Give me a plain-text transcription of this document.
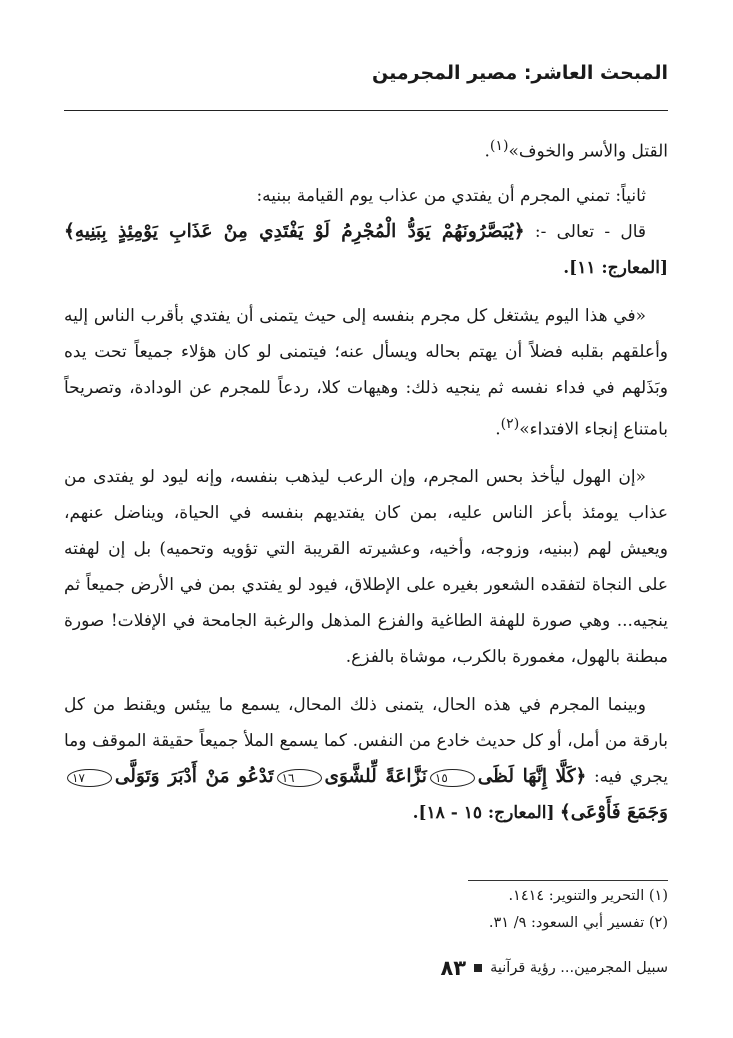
المبحث العاشر: مصير المجرمين

القتل والأسر والخوف»$^{(١)}$.

ثانياً: تمني المجرم أن يفتدي من عذاب يوم القيامة ببنيه:

قال - تعالى -: ﴿يُبَصَّرُونَهُمْ يَوَدُّ الْمُجْرِمُ لَوْ يَفْتَدِي مِنْ عَذَابِ يَوْمِئِذٍ بِبَنِيهِ﴾ [المعارج: ١١].

«في هذا اليوم يشتغل كل مجرم بنفسه إلى حيث يتمنى أن يفتدي بأقرب الناس إليه وأعلقهم بقلبه فضلاً أن يهتم بحاله ويسأل عنه؛ فيتمنى لو كان هؤلاء جميعاً تحت يده وبَذَلهم في فداء نفسه ثم ينجيه ذلك: وهيهات كلا، ردعاً للمجرم عن الودادة، وتصريحاً بامتناع إنجاء الافتداء»$^{(٢)}$.

«إن الهول ليأخذ بحس المجرم، وإن الرعب ليذهب بنفسه، وإنه ليود لو يفتدى من عذاب يومئذ بأعز الناس عليه، بمن كان يفتديهم بنفسه في الحياة، ويناضل عنهم، ويعيش لهم (ببنيه، وزوجه، وأخيه، وعشيرته القريبة التي تؤويه وتحميه) بل إن لهفته على النجاة لتفقده الشعور بغيره على الإطلاق، فيود لو يفتدي بمن في الأرض جميعاً ثم ينجيه... وهي صورة للهفة الطاغية والفزع المذهل والرغبة الجامحة في الإفلات! صورة مبطنة بالهول، مغمورة بالكرب، موشاة بالفزع.

وبينما المجرم في هذه الحال، يتمنى ذلك المحال، يسمع ما ييئس ويقنط من كل بارقة من أمل، أو كل حديث خادع من النفس. كما يسمع الملأ جميعاً حقيقة الموقف وما يجري فيه: ﴿كَلَّا إِنَّهَا لَظَى١٥نَزَّاعَةً لِّلشَّوَى١٦تَدْعُو مَنْ أَدْبَرَ وَتَوَلَّى١٧وَجَمَعَ فَأَوْعَى﴾ [المعارج: ١٥ - ١٨].

(١) التحرير والتنوير: ١٤١٤.
(٢) تفسير أبي السعود: ٩/ ٣١.
سبيل المجرمين... رؤية قرآنية
٨٣
